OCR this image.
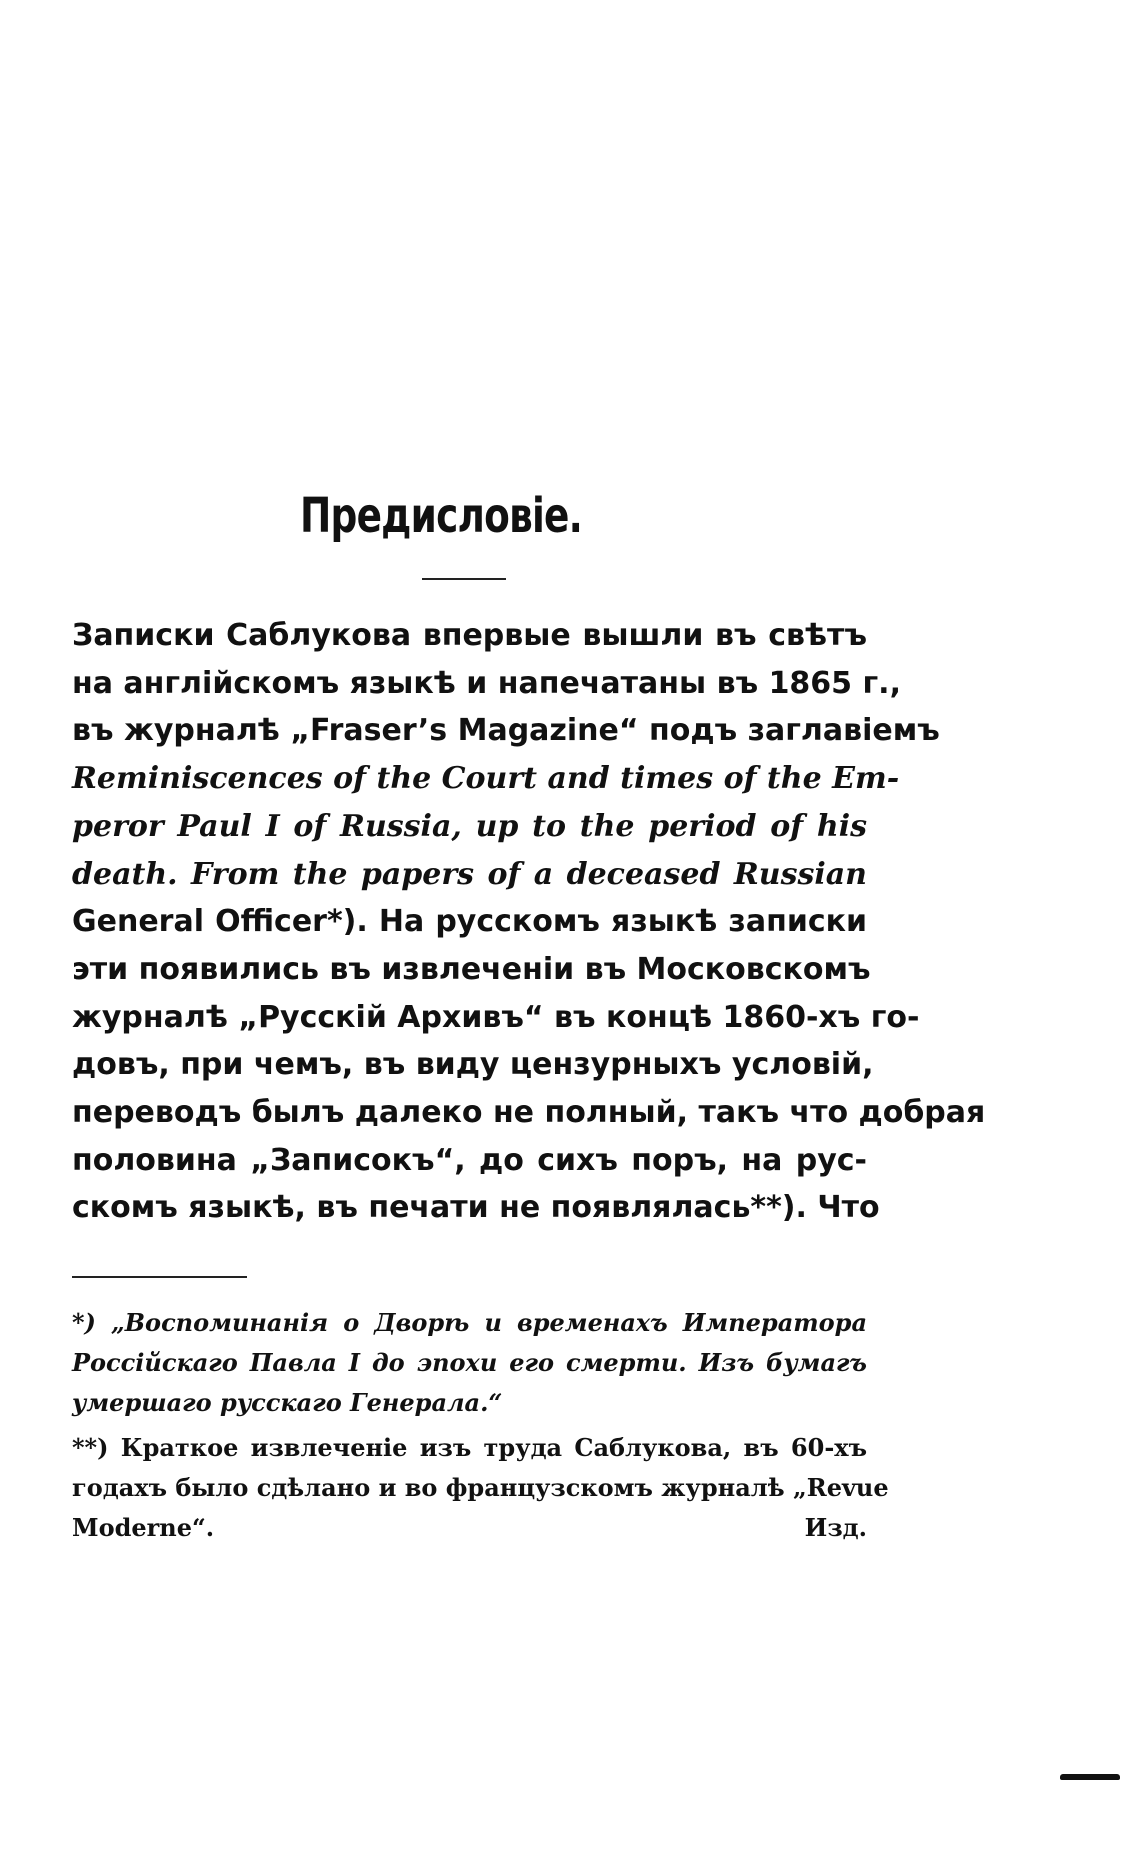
Предисловіе.
Записки Саблукова впервые вышли въ свѣтъ
на англійскомъ языкѣ и напечатаны въ 1865 г.,
въ журналѣ „Fraser’s Magazine“ подъ заглавіемъ
Reminiscences of the Court and times of the Em-
peror Paul I of Russia, up to the period of his
death. From the papers of a deceased Russian
General Officer*). На русскомъ языкѣ записки
эти появились въ извлеченіи въ Московскомъ
журналѣ „Русскій Архивъ“ въ концѣ 1860-хъ го-
довъ, при чемъ, въ виду цензурныхъ условій,
переводъ былъ далеко не полный, такъ что добрая
половина „Записокъ“, до сихъ поръ, на рус-
скомъ языкѣ, въ печати не появлялась**). Что
*) „Воспоминанія о Дворѣ и временахъ Императора
Россійскаго Павла I до эпохи его смерти. Изъ бумагъ
умершаго русскаго Генерала.“
**) Краткое извлеченіе изъ труда Саблукова, въ 60-хъ
годахъ было сдѣлано и во французскомъ журналѣ „Revue
Moderne“.	Изд.
